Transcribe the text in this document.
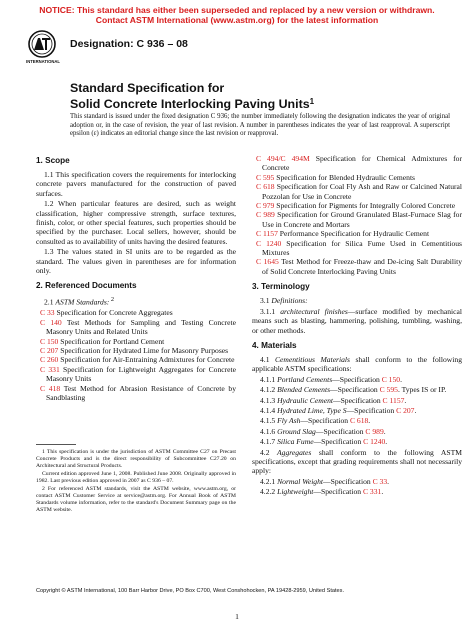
NOTICE: This standard has either been superseded and replaced by a new version or withdrawn.
Contact ASTM International (www.astm.org) for the latest information
INTERNATIONAL
Designation: C 936 – 08
Standard Specification for
Solid Concrete Interlocking Paving Units$^1$
This standard is issued under the fixed designation C 936; the number immediately following the designation indicates the year of original adoption or, in the case of revision, the year of last revision. A number in parentheses indicates the year of last reapproval. A superscript epsilon (ε) indicates an editorial change since the last revision or reapproval.
1. Scope

1.1 This specification covers the requirements for interlocking concrete pavers manufactured for the construction of paved surfaces.

1.2 When particular features are desired, such as weight classification, higher compressive strength, surface textures, finish, color, or other special features, such properties should be specified by the purchaser. Local sellers, however, should be consulted as to availability of units having the desired features.

1.3 The values stated in SI units are to be regarded as the standard. The values given in parentheses are for information only.

2. Referenced Documents

2.1 ASTM Standards: $^2$

C 33 Specification for Concrete Aggregates

C 140 Test Methods for Sampling and Testing Concrete Masonry Units and Related Units

C 150 Specification for Portland Cement

C 207 Specification for Hydrated Lime for Masonry Purposes

C 260 Specification for Air-Entraining Admixtures for Concrete

C 331 Specification for Lightweight Aggregates for Concrete Masonry Units

C 418 Test Method for Abrasion Resistance of Concrete by Sandblasting

1 This specification is under the jurisdiction of ASTM Committee C27 on Precast Concrete Products and is the direct responsibility of Subcommittee C27.20 on Architectural and Structural Products.

Current edition approved June 1, 2008. Published June 2008. Originally approved in 1982. Last previous edition approved in 2007 as C 936 – 07.

2 For referenced ASTM standards, visit the ASTM website, www.astm.org, or contact ASTM Customer Service at service@astm.org. For Annual Book of ASTM Standards volume information, refer to the standard's Document Summary page on the ASTM website.

C 494/C 494M Specification for Chemical Admixtures for Concrete

C 595 Specification for Blended Hydraulic Cements

C 618 Specification for Coal Fly Ash and Raw or Calcined Natural Pozzolan for Use in Concrete

C 979 Specification for Pigments for Integrally Colored Concrete

C 989 Specification for Ground Granulated Blast-Furnace Slag for Use in Concrete and Mortars

C 1157 Performance Specification for Hydraulic Cement

C 1240 Specification for Silica Fume Used in Cementitious Mixtures

C 1645 Test Method for Freeze-thaw and De-icing Salt Durability of Solid Concrete Interlocking Paving Units

3. Terminology

3.1 Definitions:

3.1.1 architectural finishes—surface modified by mechanical means such as blasting, hammering, polishing, tumbling, washing, or other methods.

4. Materials

4.1 Cementitious Materials shall conform to the following applicable ASTM specifications:

4.1.1 Portland Cements—Specification C 150.

4.1.2 Blended Cements—Specification C 595. Types IS or IP.

4.1.3 Hydraulic Cement—Specification C 1157.

4.1.4 Hydrated Lime, Type S—Specification C 207.

4.1.5 Fly Ash—Specification C 618.

4.1.6 Ground Slag—Specification C 989.

4.1.7 Silica Fume—Specification C 1240.

4.2 Aggregates shall conform to the following ASTM specifications, except that grading requirements shall not necessarily apply:

4.2.1 Normal Weight—Specification C 33.

4.2.2 Lightweight—Specification C 331.

Copyright © ASTM International, 100 Barr Harbor Drive, PO Box C700, West Conshohocken, PA 19428-2959, United States.
1
